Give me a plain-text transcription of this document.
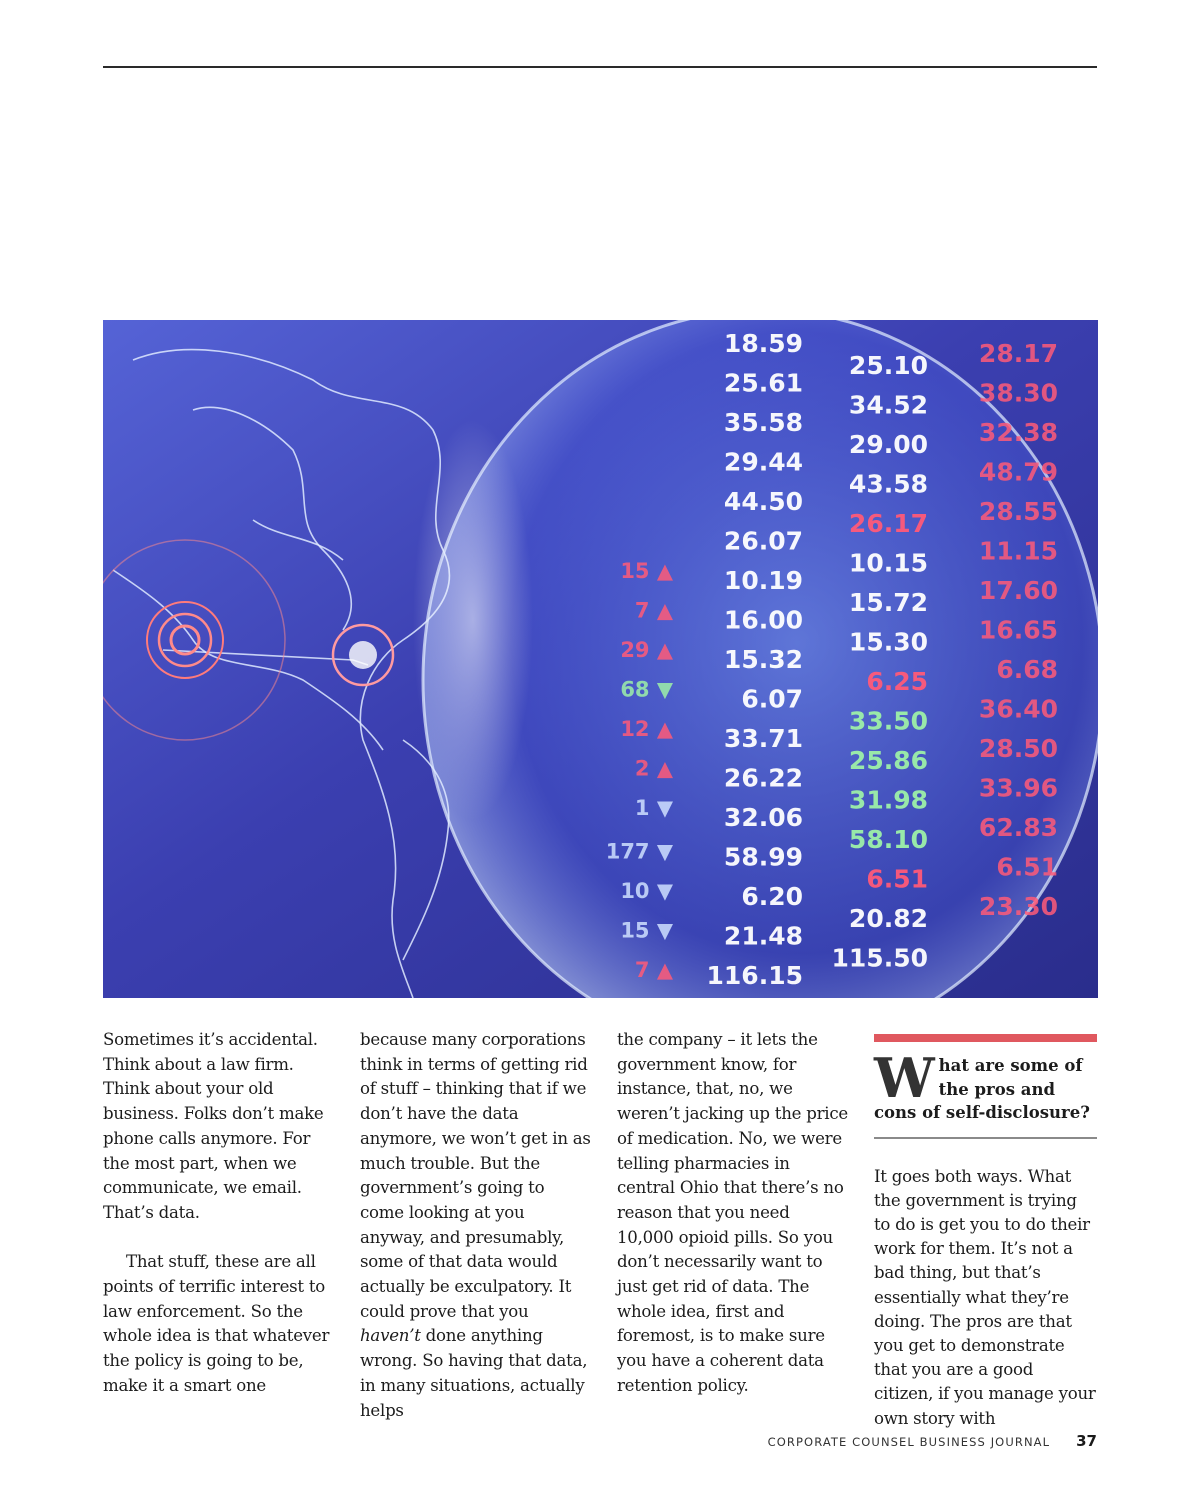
18.59
25.61
35.58
29.44
44.50
26.07
10.19
16.00
15.32
6.07
33.71
26.22
32.06
58.99
6.20
21.48
116.15
25.10
34.52
29.00
43.58
26.17
10.15
15.72
15.30
6.25
33.50
25.86
31.98
58.10
6.51
20.82
115.50
28.17
38.30
32.38
48.79
28.55
11.15
17.60
16.65
6.68
36.40
28.50
33.96
62.83
6.51
23.30
15 ▲
7 ▲
29 ▲
68 ▼
12 ▲
2 ▲
1 ▼
177 ▼
10 ▼
15 ▼
7 ▲

Sometimes it’s accidental. Think about a law firm. Think about your old business. Folks don’t make phone calls anymore. For the most part, when we communicate, we email. That’s data.

That stuff, these are all points of terrific interest to law enforcement. So the whole idea is that whatever the policy is going to be, make it a smart one

because many corporations think in terms of getting rid of stuff – thinking that if we don’t have the data anymore, we won’t get in as much trouble. But the government’s going to come looking at you anyway, and presumably, some of that data would actually be exculpatory. It could prove that you haven’t done anything wrong. So having that data, in many situations, actually helps

the company – it lets the government know, for instance, that, no, we weren’t jacking up the price of medication. No, we were telling pharmacies in central Ohio that there’s no reason that you need 10,000 opioid pills. So you don’t necessarily want to just get rid of data. The whole idea, first and foremost, is to make sure you have a coherent data retention policy.

What are some of the pros and cons of self-disclosure?
It goes both ways. What the government is trying to do is get you to do their work for them. It’s not a bad thing, but that’s essentially what they’re doing. The pros are that you get to demonstrate that you are a good citizen, if you manage your own story with
CORPORATE COUNSEL BUSINESS JOURNAL 37
